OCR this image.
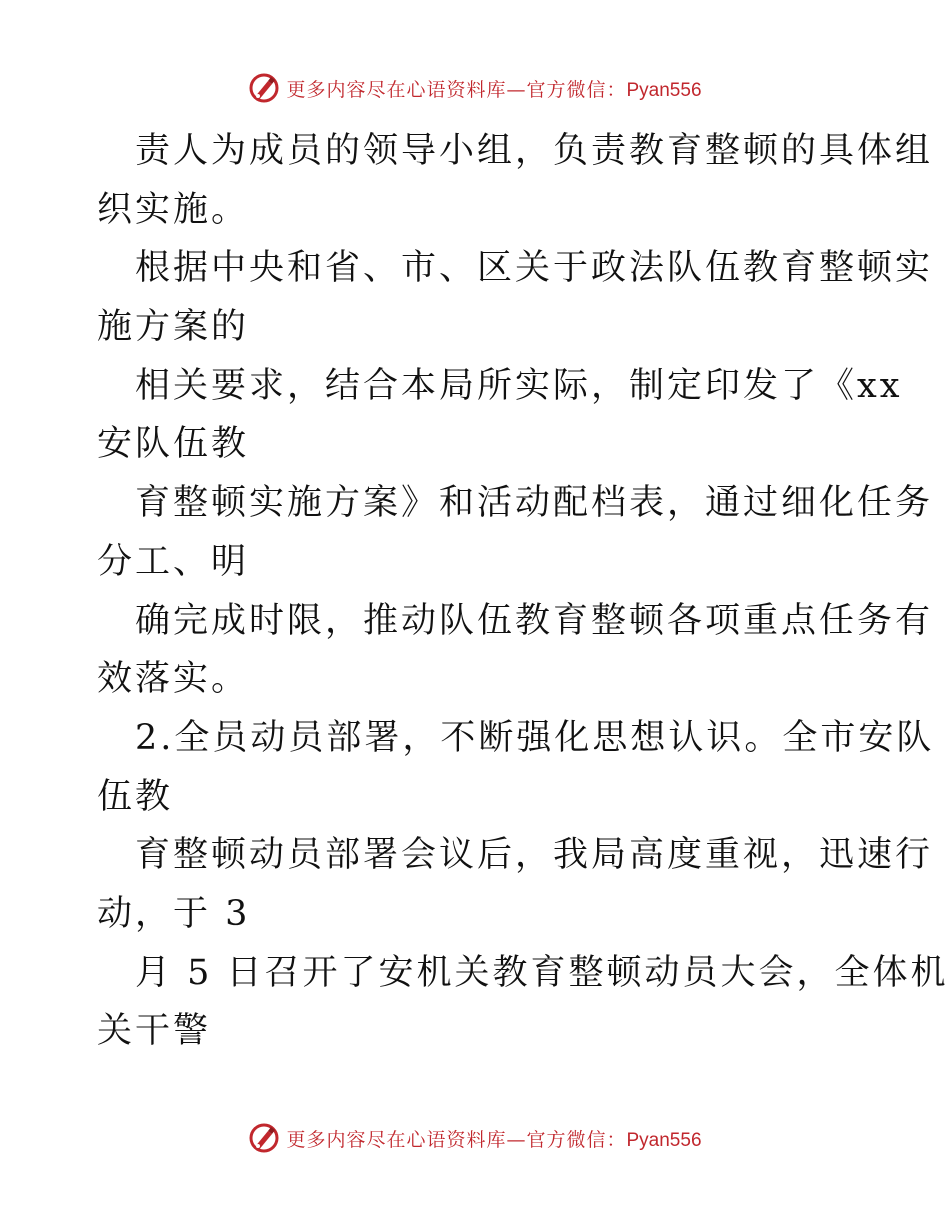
更多内容尽在心语资料库—官方微信：Pyan556
责人为成员的领导小组，负责教育整顿的具体组
织实施。
根据中央和省、市、区关于政法队伍教育整顿实
施方案的
相关要求，结合本局所实际，制定印发了《xx
安队伍教
育整顿实施方案》和活动配档表，通过细化任务
分工、明
确完成时限，推动队伍教育整顿各项重点任务有
效落实。
2.全员动员部署，不断强化思想认识。全市安队
伍教
育整顿动员部署会议后，我局高度重视，迅速行
动，于 3
月 5 日召开了安机关教育整顿动员大会，全体机
关干警
更多内容尽在心语资料库—官方微信：Pyan556
